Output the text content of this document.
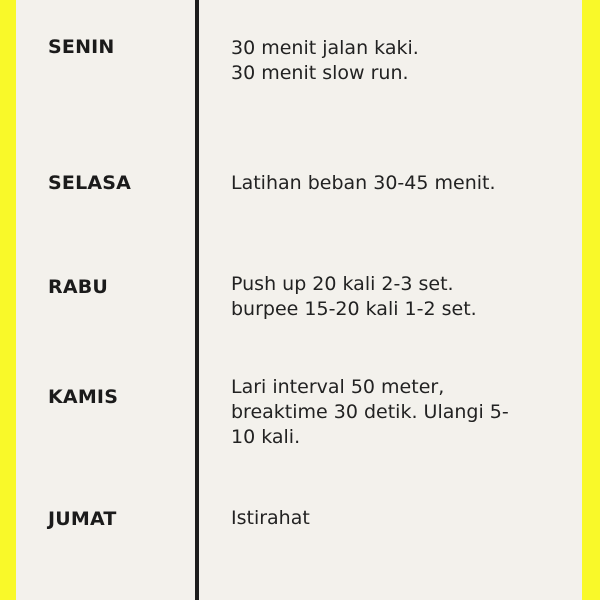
SENIN	30 menit jalan kaki.
30 menit slow run.
SELASA	Latihan beban 30-45 menit.
RABU	Push up 20 kali 2-3 set.
burpee 15-20 kali 1-2 set.
KAMIS	Lari interval 50 meter,
breaktime 30 detik. Ulangi 5-
10 kali.
JUMAT	Istirahat
